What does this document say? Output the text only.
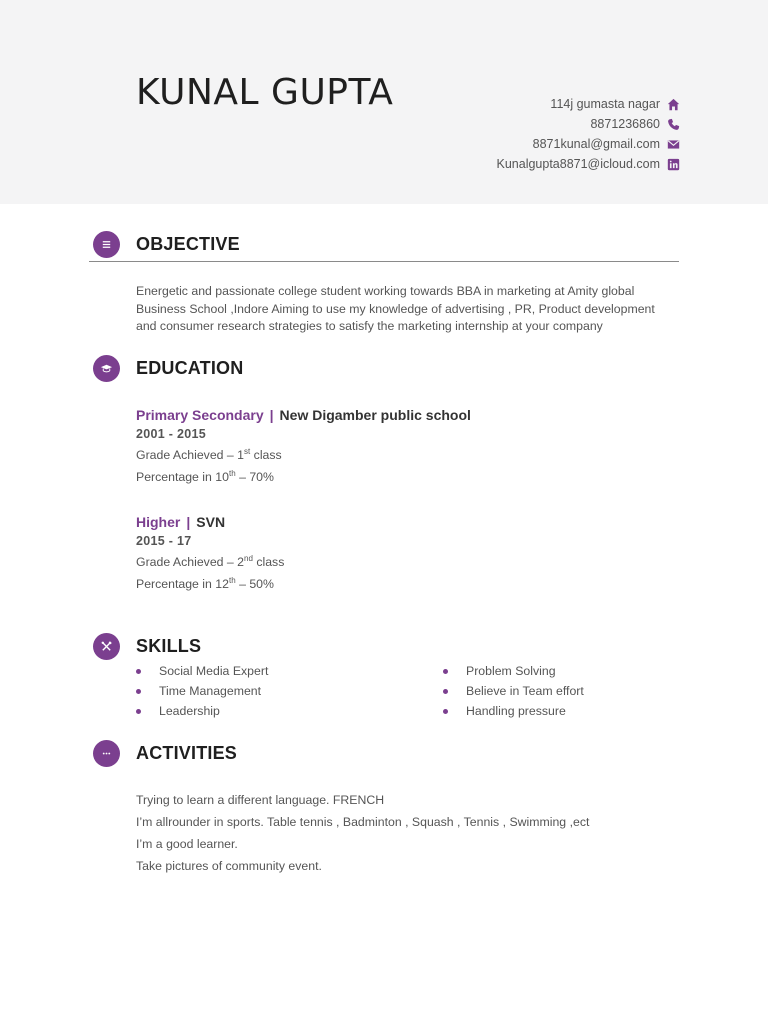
KUNAL GUPTA	114j gumasta nagar
8871236860
8871kunal@gmail.com
Kunalgupta8871@icloud.com
OBJECTIVE
Energetic and passionate college student working towards BBA in marketing at Amity global
Business School ,Indore Aiming to use my knowledge of advertising , PR, Product development
and consumer research strategies to satisfy the marketing internship at your company
EDUCATION
Primary Secondary | New Digamber public school
2001 - 2015
Grade Achieved – 1st class
Percentage in 10th – 70%
Higher | SVN
2015 - 17
Grade Achieved – 2nd class
Percentage in 12th – 50%
SKILLS
Social Media Expert
Time Management
Leadership
Problem Solving
Believe in Team effort
Handling pressure
ACTIVITIES
Trying to learn a different language. FRENCH
I’m allrounder in sports. Table tennis , Badminton , Squash , Tennis , Swimming ,ect
I’m a good learner.
Take pictures of community event.
